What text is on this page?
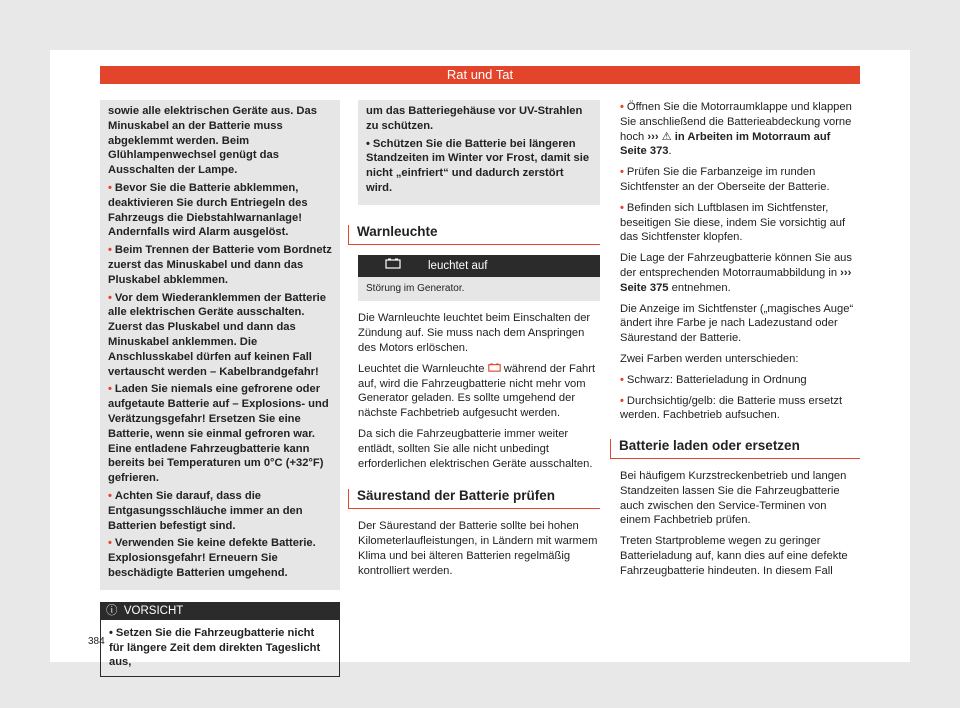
Rat und Tat

sowie alle elektrischen Geräte aus. Das Minuskabel an der Batterie muss abgeklemmt werden. Beim Glühlampenwechsel genügt das Ausschalten der Lampe.

• Bevor Sie die Batterie abklemmen, deaktivieren Sie durch Entriegeln des Fahrzeugs die Diebstahlwarnanlage! Andernfalls wird Alarm ausgelöst.

• Beim Trennen der Batterie vom Bordnetz zuerst das Minuskabel und dann das Pluskabel abklemmen.

• Vor dem Wiederanklemmen der Batterie alle elektrischen Geräte ausschalten. Zuerst das Pluskabel und dann das Minuskabel anklemmen. Die Anschlusskabel dürfen auf keinen Fall vertauscht werden – Kabelbrandgefahr!

• Laden Sie niemals eine gefrorene oder aufgetaute Batterie auf – Explosions- und Verätzungsgefahr! Ersetzen Sie eine Batterie, wenn sie einmal gefroren war. Eine entladene Fahrzeugbatterie kann bereits bei Temperaturen um 0°C (+32°F) gefrieren.

• Achten Sie darauf, dass die Entgasungsschläuche immer an den Batterien befestigt sind.

• Verwenden Sie keine defekte Batterie. Explosionsgefahr! Erneuern Sie beschädigte Batterien umgehend.

ⓘ VORSICHT
• Setzen Sie die Fahrzeugbatterie nicht für längere Zeit dem direkten Tageslicht aus,

um das Batteriegehäuse vor UV-Strahlen zu schützen.

• Schützen Sie die Batterie bei längeren Standzeiten im Winter vor Frost, damit sie nicht „einfriert“ und dadurch zerstört wird.

Warnleuchte
leuchtet auf
Störung im Generator.

Die Warnleuchte leuchtet beim Einschalten der Zündung auf. Sie muss nach dem Anspringen des Motors erlöschen.

Leuchtet die Warnleuchte während der Fahrt auf, wird die Fahrzeugbatterie nicht mehr vom Generator geladen. Es sollte umgehend der nächste Fachbetrieb aufgesucht werden.

Da sich die Fahrzeugbatterie immer weiter entlädt, sollten Sie alle nicht unbedingt erforderlichen elektrischen Geräte ausschalten.

Säurestand der Batterie prüfen

Der Säurestand der Batterie sollte bei hohen Kilometerlaufleistungen, in Ländern mit warmem Klima und bei älteren Batterien regelmäßig kontrolliert werden.

• Öffnen Sie die Motorraumklappe und klappen Sie anschließend die Batterieabdeckung vorne hoch ››› ⚠ in Arbeiten im Motorraum auf Seite 373.

• Prüfen Sie die Farbanzeige im runden Sichtfenster an der Oberseite der Batterie.

• Befinden sich Luftblasen im Sichtfenster, beseitigen Sie diese, indem Sie vorsichtig auf das Sichtfenster klopfen.

Die Lage der Fahrzeugbatterie können Sie aus der entsprechenden Motorraumabbildung in ››› Seite 375 entnehmen.

Die Anzeige im Sichtfenster („magisches Auge“ ändert ihre Farbe je nach Ladezustand oder Säurestand der Batterie.

Zwei Farben werden unterschieden:

• Schwarz: Batterieladung in Ordnung

• Durchsichtig/gelb: die Batterie muss ersetzt werden. Fachbetrieb aufsuchen.

Batterie laden oder ersetzen

Bei häufigem Kurzstreckenbetrieb und langen Standzeiten lassen Sie die Fahrzeugbatterie auch zwischen den Service-Terminen von einem Fachbetrieb prüfen.

Treten Startprobleme wegen zu geringer Batterieladung auf, kann dies auf eine defekte Fahrzeugbatterie hindeuten. In diesem Fall

384
